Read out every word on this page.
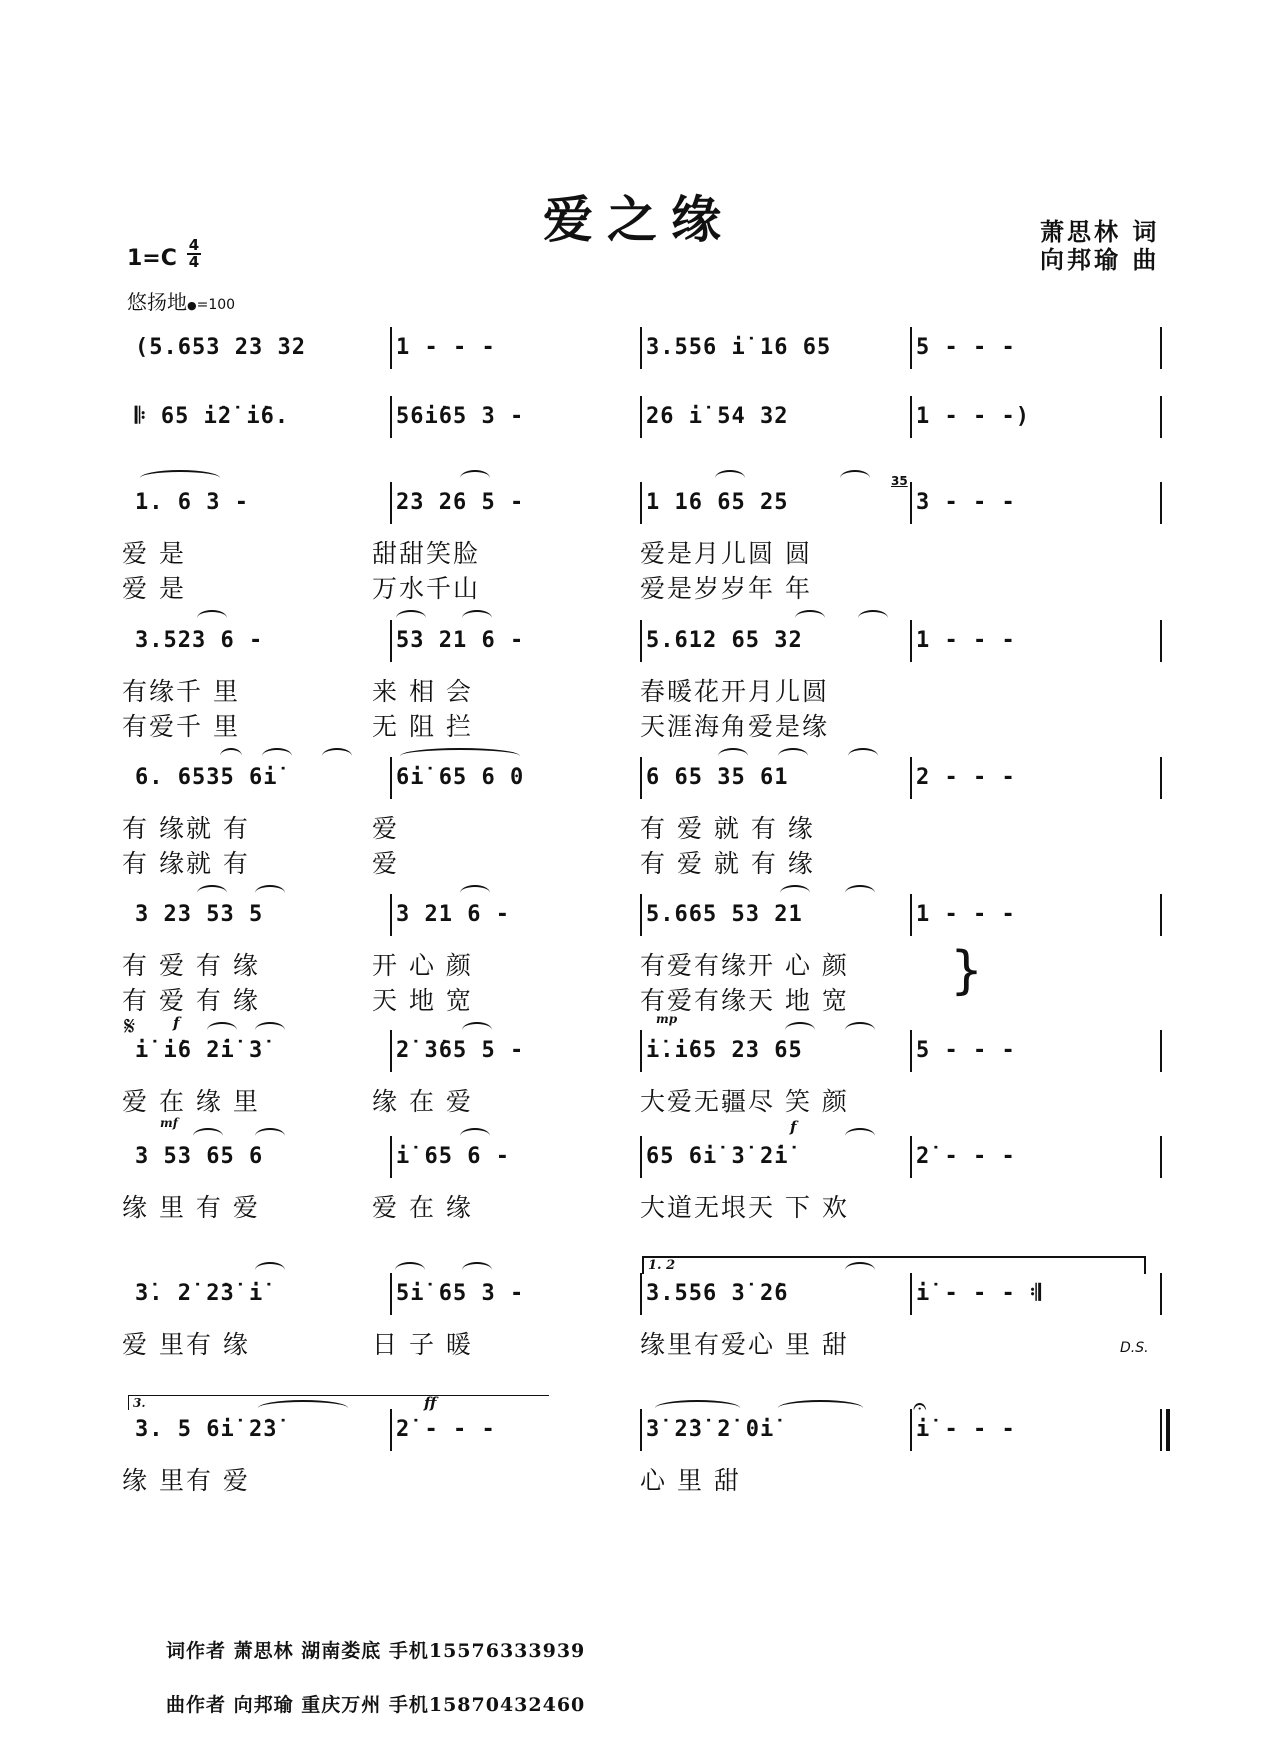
爱之缘	萧思林 词
向邦瑜 曲
$1=C \frac{4}{4}$
悠扬地●=100
(5.653 23 32	1 - - -	3.556 i̇ 16 65	5 - - -
𝄆 65 i̇2̇ i̇6.	56i̇65 3 -	26 i̇ 54 32	1 - - -)
1. 6 3 -	23 26 5 -	1 16 65 25	3 - - -
爱 是	甜甜笑脸	爱是月儿圆 圆
爱 是	万水千山	爱是岁岁年 年
3.523 6 -	53 21 6 -	5.612 65 32	1 - - -
有缘千 里	来 相 会	春暖花开月儿圆
有爱千 里	无 阻 拦	天涯海角爱是缘
6. 6535 6i̇	6i̇ 65 6 0	6 65 35 61	2 - - -
有 缘就 有	爱	有 爱 就 有 缘
有 缘就 有	爱	有 爱 就 有 缘
3 23 53 5	3 21 6 -	5.665 53 21	1 - - -
有 爱 有 缘	开 心 颜	有爱有缘开 心 颜
有 爱 有 缘	天 地 宽	有爱有缘天 地 宽
i̇ i̇6 2̇i̇ 3̇	2̇ 3̇65 5 -	i̇.i̇65 23 65	5 - - -
爱 在 缘 里	缘 在 爱	大爱无疆尽 笑 颜
3 53 65 6	i̇ 65 6 -	65 6i̇ 3̇ 2̇i̇	2̇ - - -
缘 里 有 爱	爱 在 缘	大道无垠天 下 欢
3̇. 2̇ 2̇3̇ i̇	5i̇ 65 3 -	3.556 3̇ 2̇6	i̇ - - - 𝄇
爱 里有 缘	日 子 暖	缘里有爱心 里 甜
3. 5 6i̇ 2̇3̇	2̇ - - -	3̇ 2̇3̇ 2̇ 0i̇	i̇ - - -
缘 里有 爱	心 里 甜
1. 2
3.
𝄋	f	mp
mf	f
ff
D.S.
𝄐
35
}
词作者 萧思林 湖南娄底 手机15576333939
曲作者 向邦瑜 重庆万州 手机15870432460
